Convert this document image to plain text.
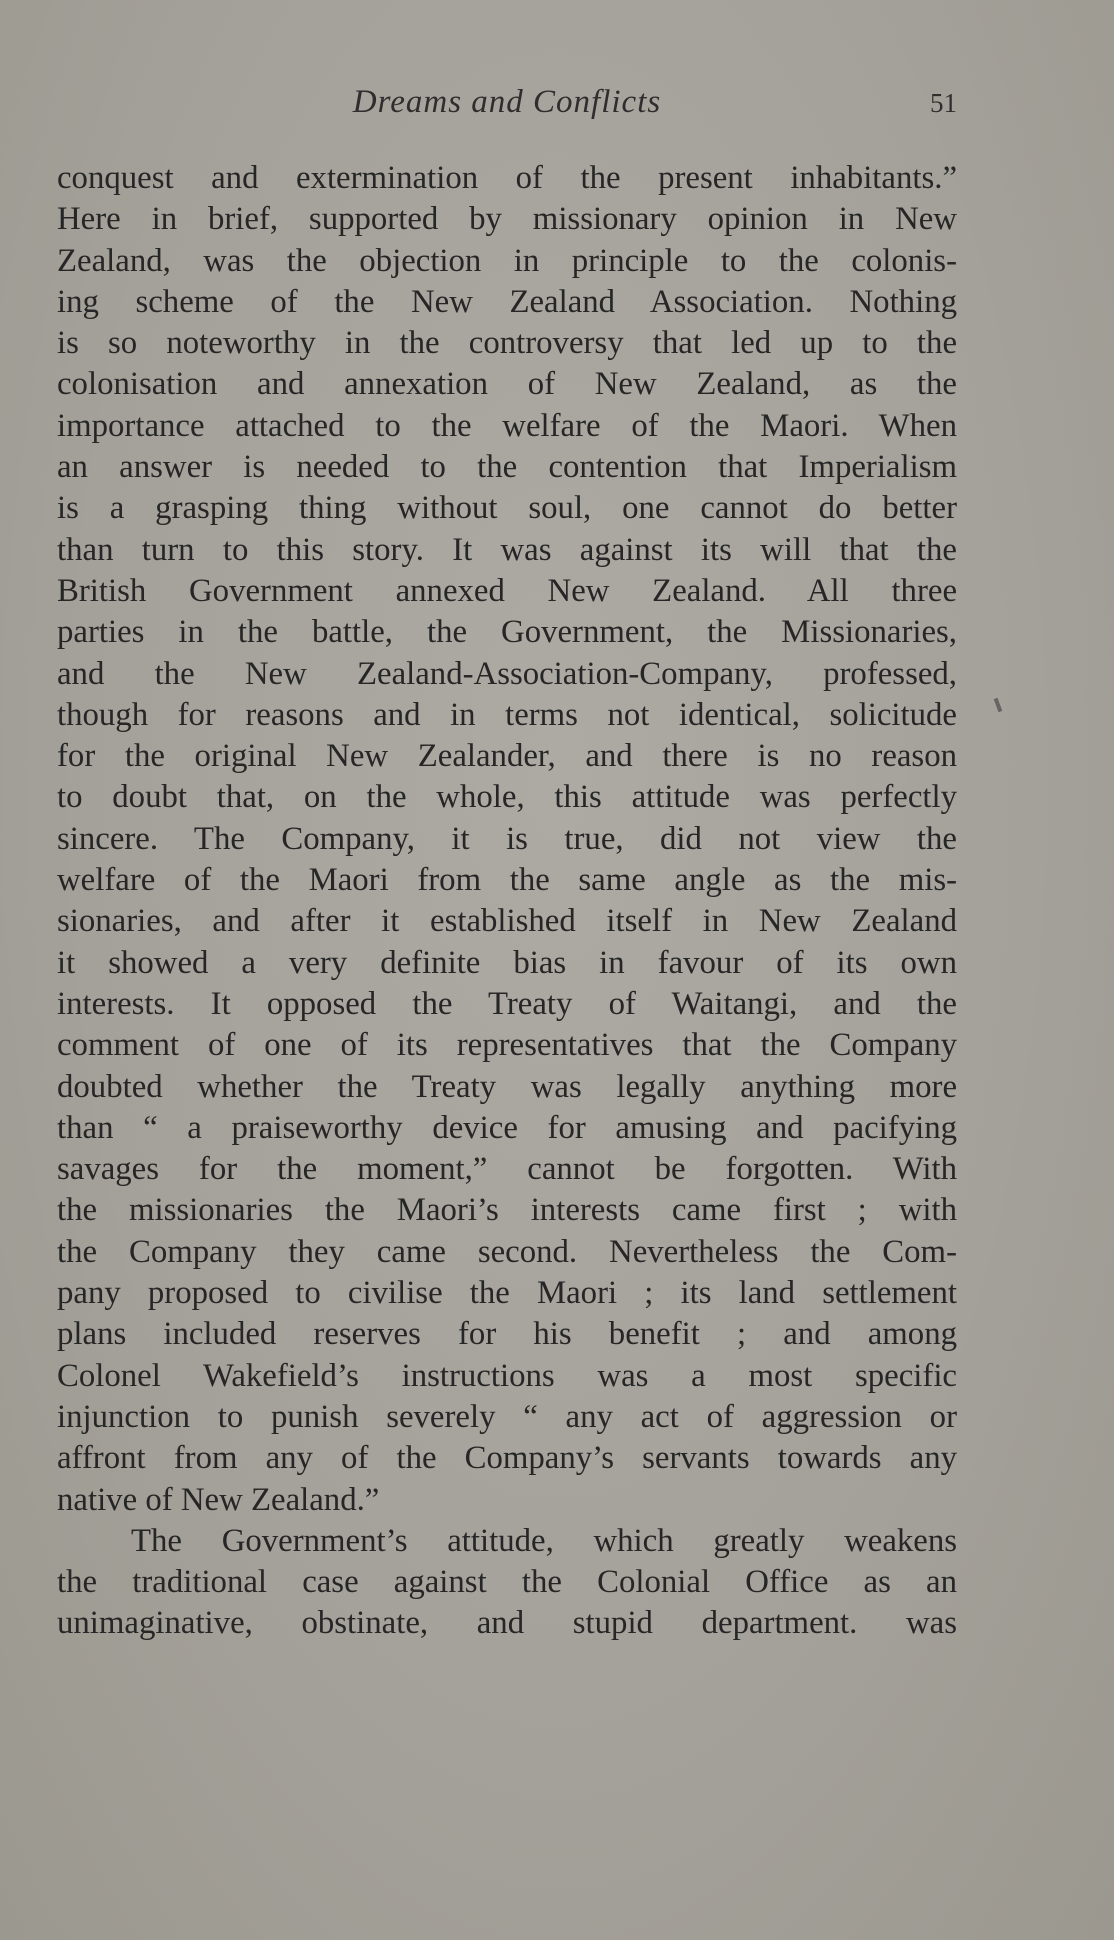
Dreams and Conflicts	51
conquest and extermination of the present inhabitants.”
Here in brief, supported by missionary opinion in New
Zealand, was the objection in principle to the colonis-
ing scheme of the New Zealand Association. Nothing
is so noteworthy in the controversy that led up to the
colonisation and annexation of New Zealand, as the
importance attached to the welfare of the Maori. When
an answer is needed to the contention that Imperialism
is a grasping thing without soul, one cannot do better
than turn to this story. It was against its will that the
British Government annexed New Zealand. All three
parties in the battle, the Government, the Missionaries,
and the New Zealand-Association-Company, professed,
though for reasons and in terms not identical, solicitude
for the original New Zealander, and there is no reason
to doubt that, on the whole, this attitude was perfectly
sincere. The Company, it is true, did not view the
welfare of the Maori from the same angle as the mis-
sionaries, and after it established itself in New Zealand
it showed a very definite bias in favour of its own
interests. It opposed the Treaty of Waitangi, and the
comment of one of its representatives that the Company
doubted whether the Treaty was legally anything more
than “ a praiseworthy device for amusing and pacifying
savages for the moment,” cannot be forgotten. With
the missionaries the Maori’s interests came first ; with
the Company they came second. Nevertheless the Com-
pany proposed to civilise the Maori ; its land settlement
plans included reserves for his benefit ; and among
Colonel Wakefield’s instructions was a most specific
injunction to punish severely “ any act of aggression or
affront from any of the Company’s servants towards any
native of New Zealand.”
The Government’s attitude, which greatly weakens
the traditional case against the Colonial Office as an
unimaginative, obstinate, and stupid department. was
